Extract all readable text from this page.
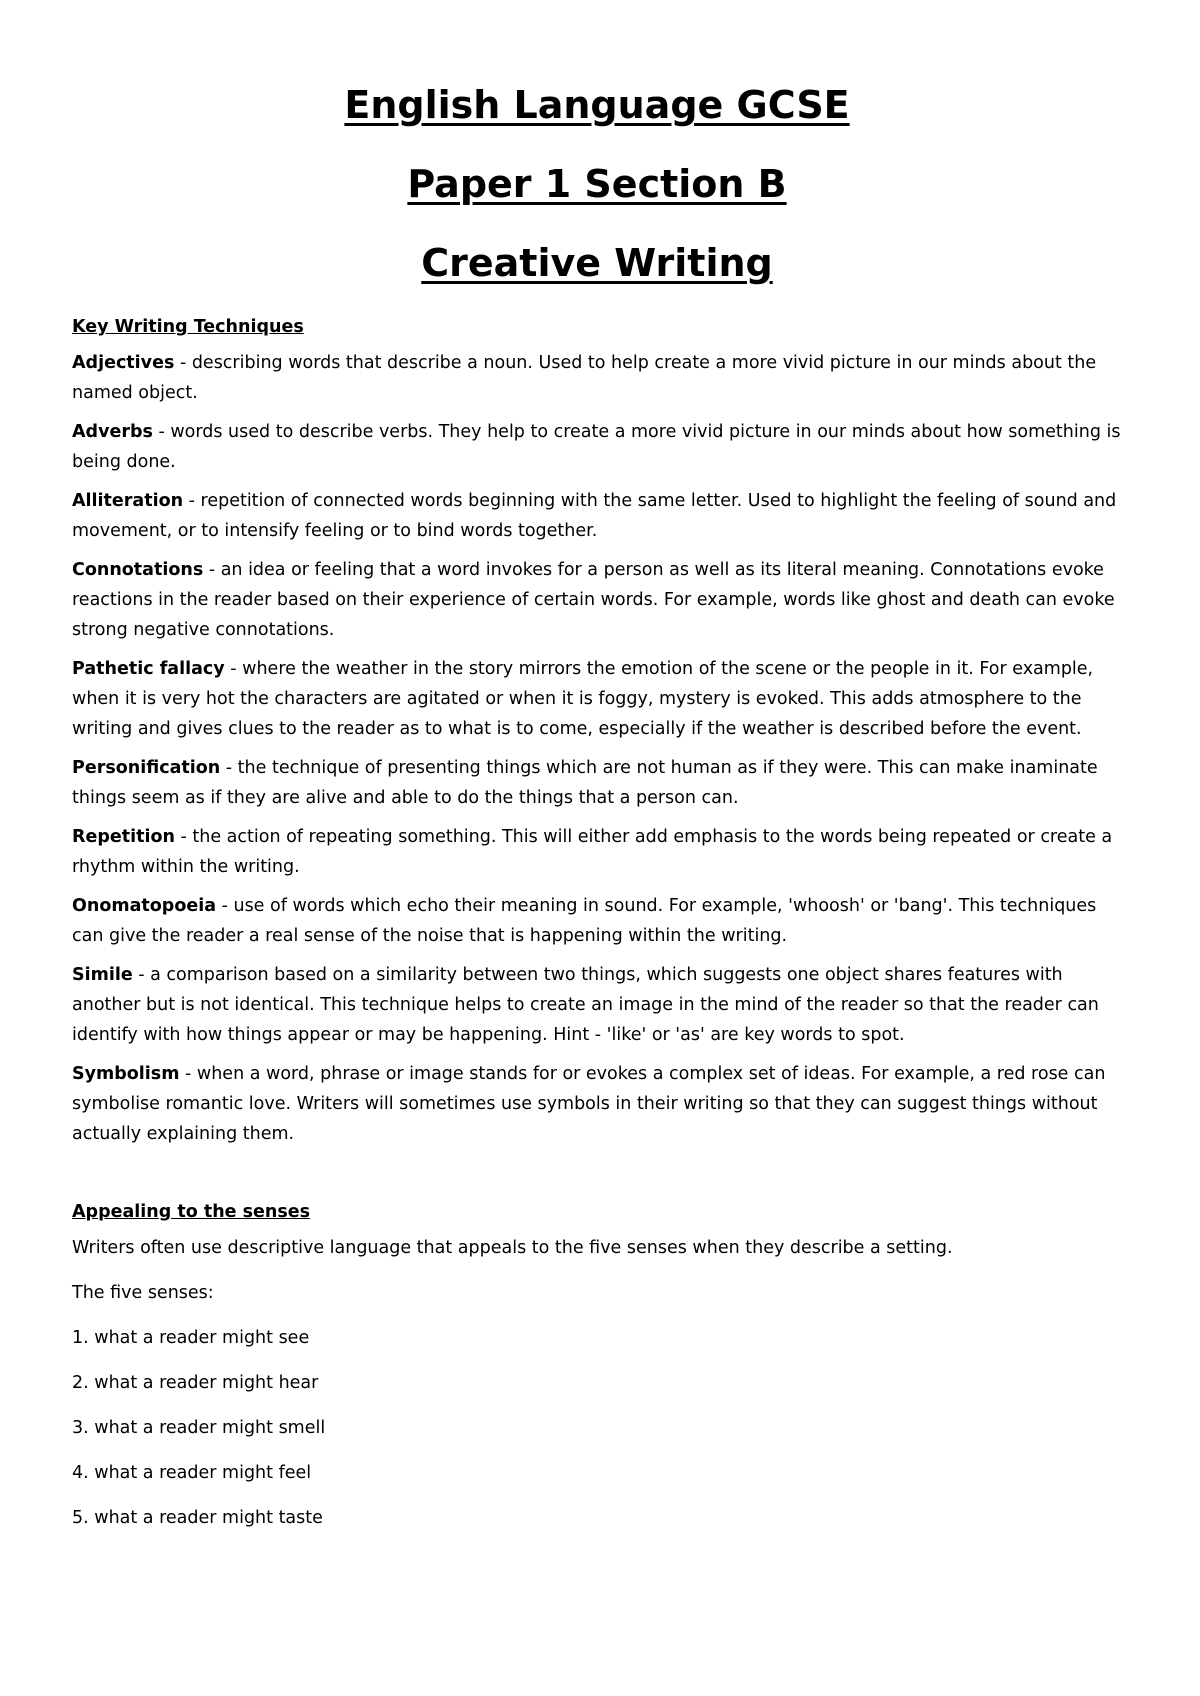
English Language GCSE
Paper 1 Section B
Creative Writing
Key Writing Techniques

Adjectives - describing words that describe a noun. Used to help create a more vivid picture in our minds about the named object.

Adverbs - words used to describe verbs. They help to create a more vivid picture in our minds about how something is being done.

Alliteration - repetition of connected words beginning with the same letter. Used to highlight the feeling of sound and movement, or to intensify feeling or to bind words together.

Connotations - an idea or feeling that a word invokes for a person as well as its literal meaning. Connotations evoke reactions in the reader based on their experience of certain words. For example, words like ghost and death can evoke strong negative connotations.

Pathetic fallacy - where the weather in the story mirrors the emotion of the scene or the people in it. For example, when it is very hot the characters are agitated or when it is foggy, mystery is evoked. This adds atmosphere to the writing and gives clues to the reader as to what is to come, especially if the weather is described before the event.

Personification - the technique of presenting things which are not human as if they were. This can make inaminate things seem as if they are alive and able to do the things that a person can.

Repetition - the action of repeating something. This will either add emphasis to the words being repeated or create a rhythm within the writing.

Onomatopoeia - use of words which echo their meaning in sound. For example, 'whoosh' or 'bang'. This techniques can give the reader a real sense of the noise that is happening within the writing.

Simile - a comparison based on a similarity between two things, which suggests one object shares features with another but is not identical. This technique helps to create an image in the mind of the reader so that the reader can identify with how things appear or may be happening. Hint - 'like' or 'as' are key words to spot.

Symbolism - when a word, phrase or image stands for or evokes a complex set of ideas. For example, a red rose can symbolise romantic love. Writers will sometimes use symbols in their writing so that they can suggest things without actually explaining them.

Appealing to the senses

Writers often use descriptive language that appeals to the five senses when they describe a setting.

The five senses:

1. what a reader might see
2. what a reader might hear
3. what a reader might smell
4. what a reader might feel
5. what a reader might taste
